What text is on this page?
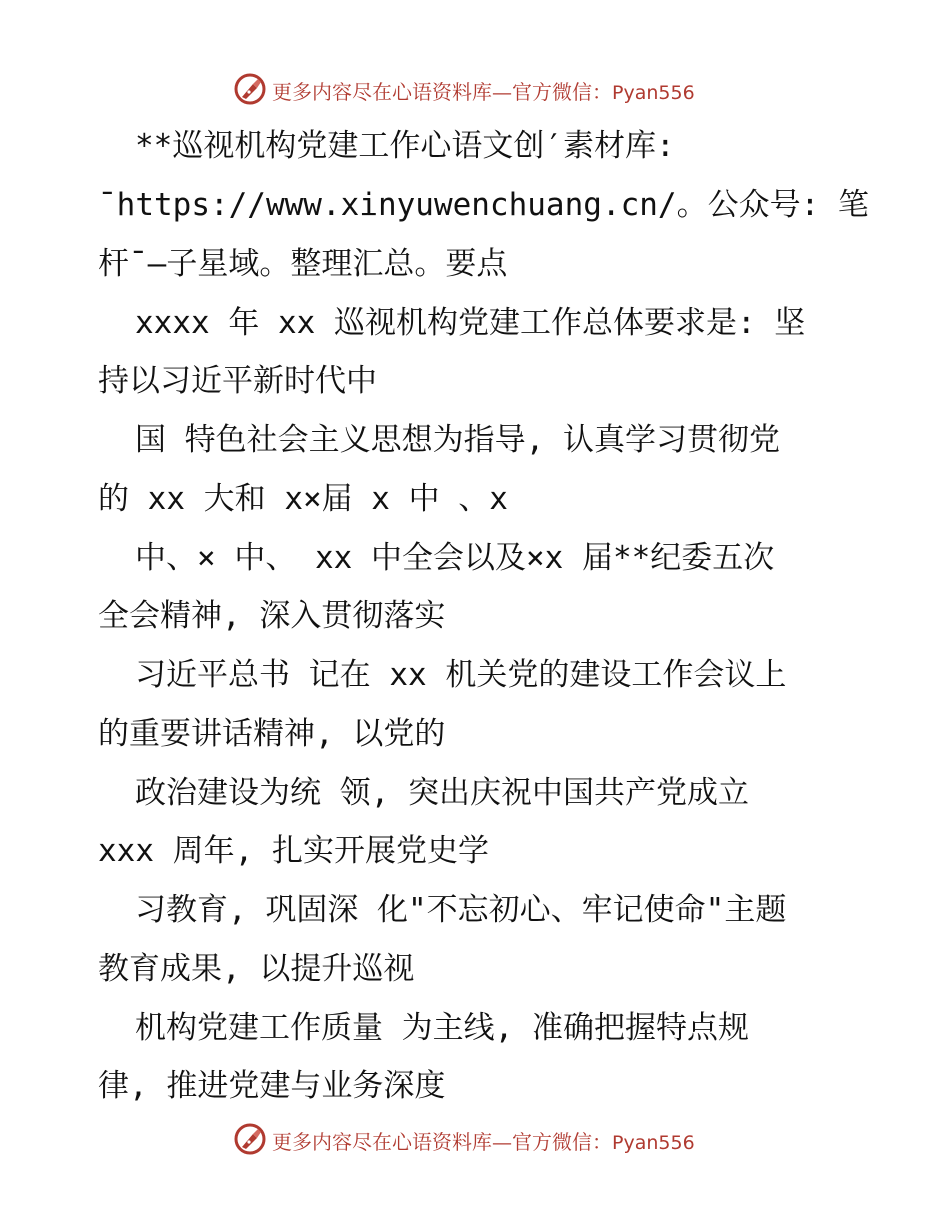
更多内容尽在心语资料库—官方微信：Pyan556
**巡视机构党建工作心语文创′素材库:
¯https://www.xinyuwenchuang.cn/。公众号: 笔
杆¯—子星域。整理汇总。要点
xxxx 年 xx 巡视机构党建工作总体要求是: 坚
持以习近平新时代中
国 特色社会主义思想为指导, 认真学习贯彻党
的 xx 大和 x×届 x 中 、x
中、× 中、 xx 中全会以及×x 届**纪委五次
全会精神, 深入贯彻落实
习近平总书 记在 xx 机关党的建设工作会议上
的重要讲话精神, 以党的
政治建设为统 领, 突出庆祝中国共产党成立
xxx 周年, 扎实开展党史学
习教育, 巩固深 化"不忘初心、牢记使命"主题
教育成果, 以提升巡视
机构党建工作质量 为主线, 准确把握特点规
律, 推进党建与业务深度
更多内容尽在心语资料库—官方微信：Pyan556
